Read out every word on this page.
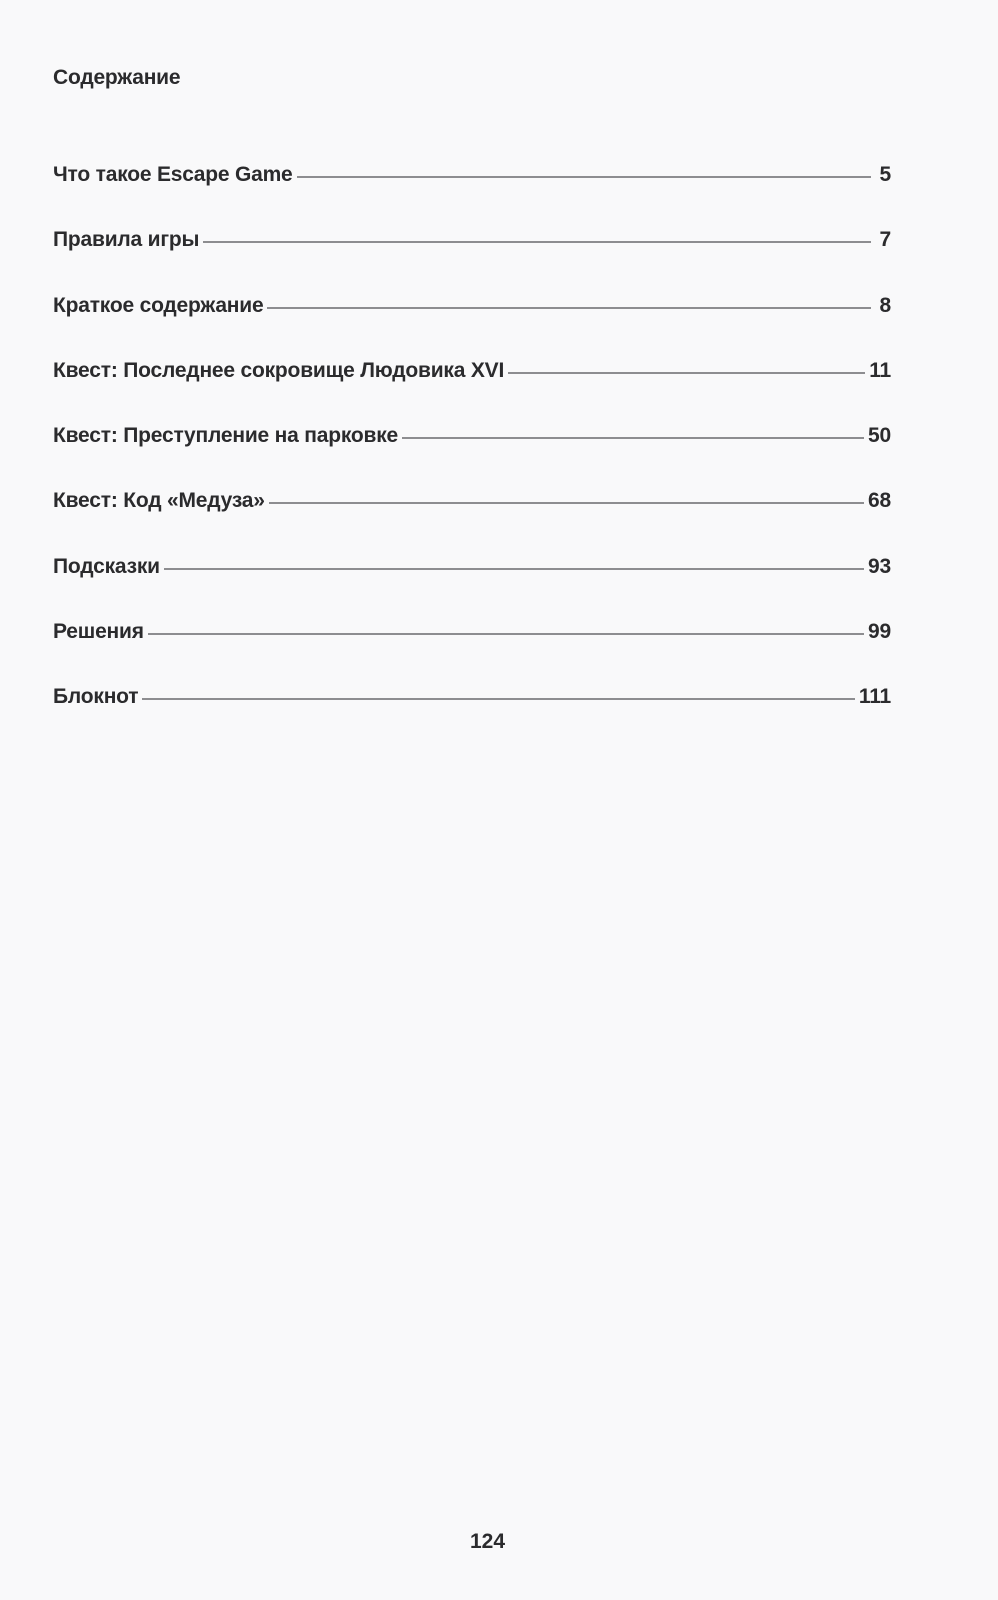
Содержание
Что такое Escape Game	5
Правила игры	7
Краткое содержание	8
Квест: Последнее сокровище Людовика XVI	11
Квест: Преступление на парковке	50
Квест: Код «Медуза»	68
Подсказки	93
Решения	99
Блокнот	111
124
